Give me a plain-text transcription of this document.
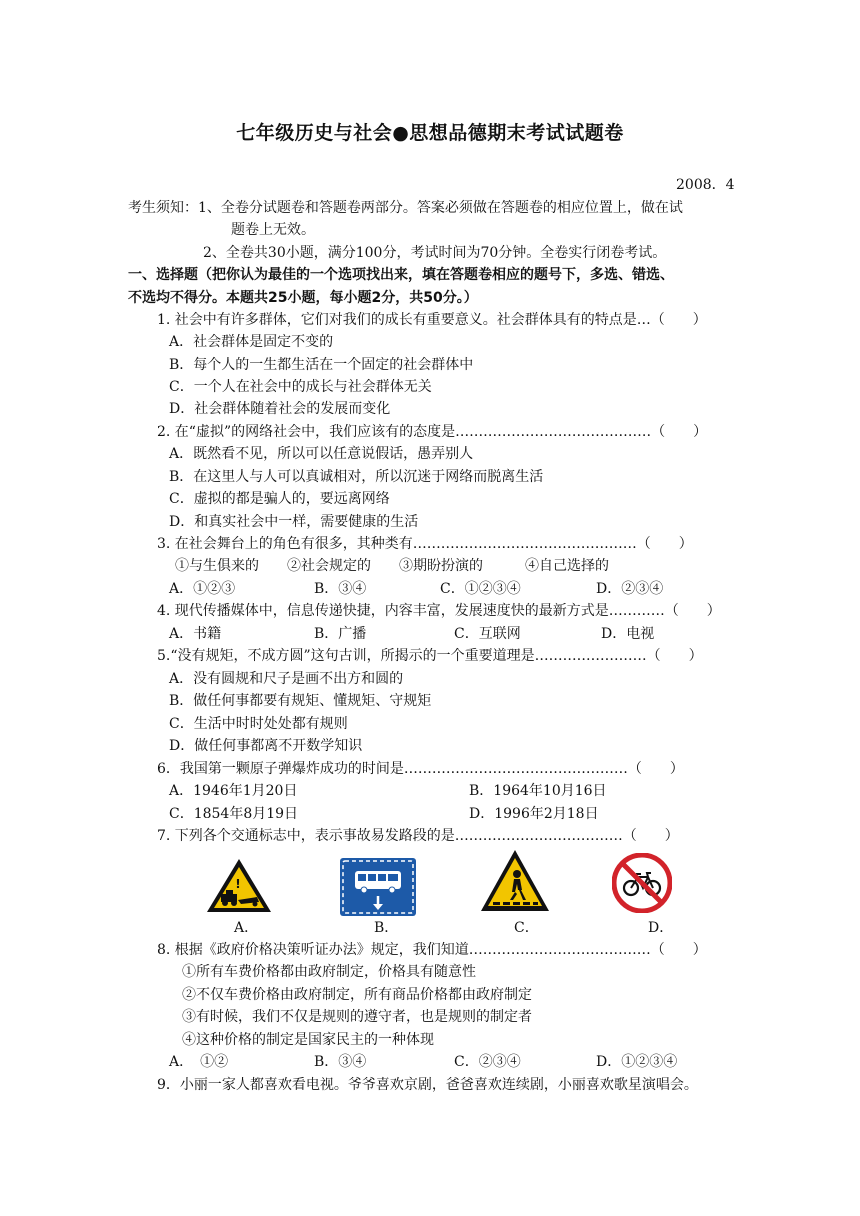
七年级历史与社会●思想品德期末考试试题卷
2008．4
考生须知：1、全卷分试题卷和答题卷两部分。答案必须做在答题卷的相应位置上，做在试
题卷上无效。
2、全卷共30小题，满分100分，考试时间为70分钟。全卷实行闭卷考试。
一、选择题（把你认为最佳的一个选项找出来，填在答题卷相应的题号下，多选、错选、
不选均不得分。本题共25小题，每小题2分，共50分。）
1. 社会中有许多群体，它们对我们的成长有重要意义。社会群体具有的特点是…（　　）
A．社会群体是固定不变的
B．每个人的一生都生活在一个固定的社会群体中
C．一个人在社会中的成长与社会群体无关
D．社会群体随着社会的发展而变化
2. 在“虚拟”的网络社会中，我们应该有的态度是……………………………………（　　）
A．既然看不见，所以可以任意说假话，愚弄别人
B．在这里人与人可以真诚相对，所以沉迷于网络而脱离生活
C．虚拟的都是骗人的，要远离网络
D．和真实社会中一样，需要健康的生活
3. 在社会舞台上的角色有很多，其种类有…………………………………………（　　）
①与生俱来的　　②社会规定的　　③期盼扮演的　　　④自己选择的
A．①②③	B．③④	C．①②③④	D．②③④
4. 现代传播媒体中，信息传递快捷，内容丰富，发展速度快的最新方式是…………（　　）
A．书籍	B．广播	C．互联网	D．电视
5.“没有规矩，不成方圆”这句古训，所揭示的一个重要道理是……………………（　　）
A．没有圆规和尺子是画不出方和圆的
B．做任何事都要有规矩、懂规矩、守规矩
C．生活中时时处处都有规则
D．做任何事都离不开数学知识
6．我国第一颗原子弹爆炸成功的时间是…………………………………………（　　）
A．1946年1月20日	B．1964年10月16日
C．1854年8月19日	D．1996年2月18日
7. 下列各个交通标志中，表示事故易发路段的是………………………………（　　）
!
A．	B．	C．	D．
8. 根据《政府价格决策听证办法》规定，我们知道…………………………………（　　）
①所有车费价格都由政府制定，价格具有随意性
②不仅车费价格由政府制定，所有商品价格都由政府制定
③有时候，我们不仅是规则的遵守者，也是规则的制定者
④这种价格的制定是国家民主的一种体现
A．　①②	B．③④	C．②③④	D．①②③④
9．小丽一家人都喜欢看电视。爷爷喜欢京剧，爸爸喜欢连续剧，小丽喜欢歌星演唱会。
